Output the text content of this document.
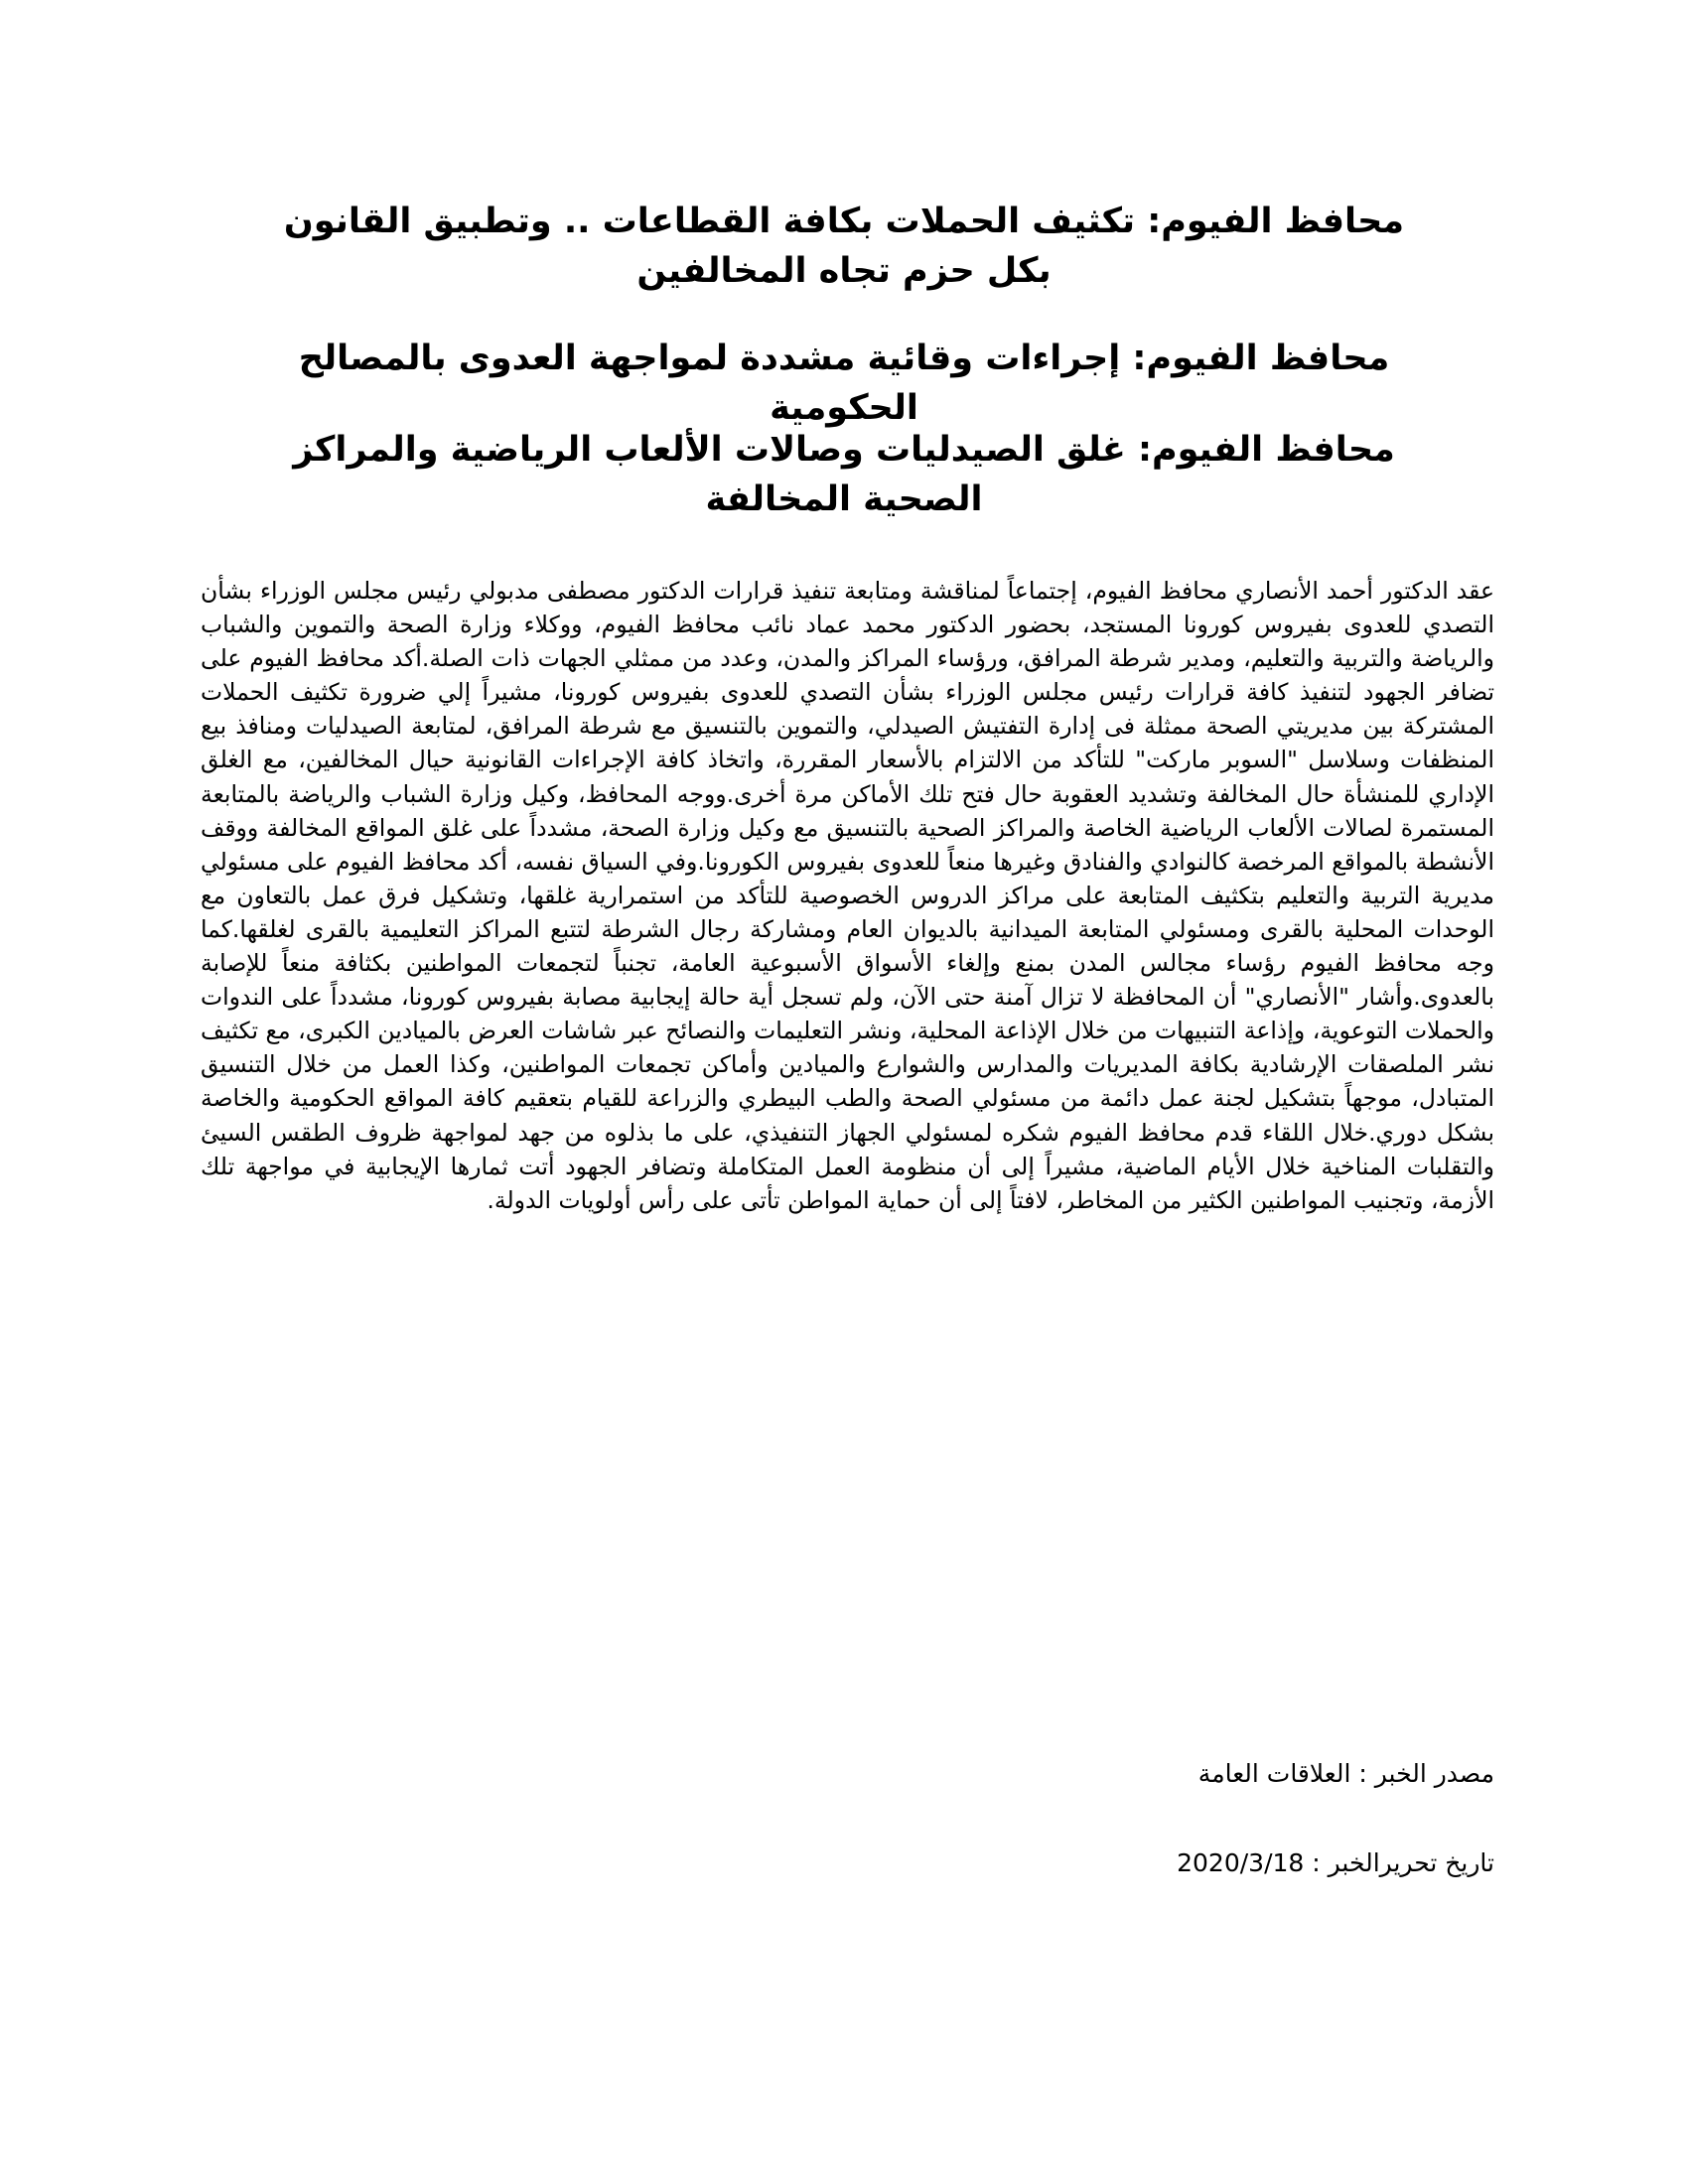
محافظ الفيوم: تكثيف الحملات بكافة القطاعات .. وتطبيق القانون بكل حزم تجاه المخالفين
محافظ الفيوم: إجراءات وقائية مشددة لمواجهة العدوى بالمصالح الحكومية
محافظ الفيوم: غلق الصيدليات وصالات الألعاب الرياضية والمراكز الصحية المخالفة

عقد الدكتور أحمد الأنصاري محافظ الفيوم، إجتماعاً لمناقشة ومتابعة تنفيذ قرارات الدكتور مصطفى مدبولي رئيس مجلس الوزراء بشأن التصدي للعدوى بفيروس كورونا المستجد، بحضور الدكتور محمد عماد نائب محافظ الفيوم، ووكلاء وزارة الصحة والتموين والشباب والرياضة والتربية والتعليم، ومدير شرطة المرافق، ورؤساء المراكز والمدن، وعدد من ممثلي الجهات ذات الصلة.أكد محافظ الفيوم على تضافر الجهود لتنفيذ كافة قرارات رئيس مجلس الوزراء بشأن التصدي للعدوى بفيروس كورونا، مشيراً إلي ضرورة تكثيف الحملات المشتركة بين مديريتي الصحة ممثلة فى إدارة التفتيش الصيدلي، والتموين بالتنسيق مع شرطة المرافق، لمتابعة الصيدليات ومنافذ بيع المنظفات وسلاسل "السوبر ماركت" للتأكد من الالتزام بالأسعار المقررة، واتخاذ كافة الإجراءات القانونية حيال المخالفين، مع الغلق الإداري للمنشأة حال المخالفة وتشديد العقوبة حال فتح تلك الأماكن مرة أخرى.ووجه المحافظ، وكيل وزارة الشباب والرياضة بالمتابعة المستمرة لصالات الألعاب الرياضية الخاصة والمراكز الصحية بالتنسيق مع وكيل وزارة الصحة، مشدداً على غلق المواقع المخالفة ووقف الأنشطة بالمواقع المرخصة كالنوادي والفنادق وغيرها منعاً للعدوى بفيروس الكورونا.وفي السياق نفسه، أكد محافظ الفيوم على مسئولي مديرية التربية والتعليم بتكثيف المتابعة على مراكز الدروس الخصوصية للتأكد من استمرارية غلقها، وتشكيل فرق عمل بالتعاون مع الوحدات المحلية بالقرى ومسئولي المتابعة الميدانية بالديوان العام ومشاركة رجال الشرطة لتتبع المراكز التعليمية بالقرى لغلقها.كما وجه محافظ الفيوم رؤساء مجالس المدن بمنع وإلغاء الأسواق الأسبوعية العامة، تجنباً لتجمعات المواطنين بكثافة منعاً للإصابة بالعدوى.وأشار "الأنصاري" أن المحافظة لا تزال آمنة حتى الآن، ولم تسجل أية حالة إيجابية مصابة بفيروس كورونا، مشدداً على الندوات والحملات التوعوية، وإذاعة التنبيهات من خلال الإذاعة المحلية، ونشر التعليمات والنصائح عبر شاشات العرض بالميادين الكبرى، مع تكثيف نشر الملصقات الإرشادية بكافة المديريات والمدارس والشوارع والميادين وأماكن تجمعات المواطنين، وكذا العمل من خلال التنسيق المتبادل، موجهاً بتشكيل لجنة عمل دائمة من مسئولي الصحة والطب البيطري والزراعة للقيام بتعقيم كافة المواقع الحكومية والخاصة بشكل دوري.خلال اللقاء قدم محافظ الفيوم شكره لمسئولي الجهاز التنفيذي، على ما بذلوه من جهد لمواجهة ظروف الطقس السيئ والتقلبات المناخية خلال الأيام الماضية، مشيراً إلى أن منظومة العمل المتكاملة وتضافر الجهود أتت ثمارها الإيجابية في مواجهة تلك الأزمة، وتجنيب المواطنين الكثير من المخاطر، لافتاً إلى أن حماية المواطن تأتى على رأس أولويات الدولة.

مصدر الخبر : العلاقات العامة

تاريخ تحريرالخبر : 2020/3/18
